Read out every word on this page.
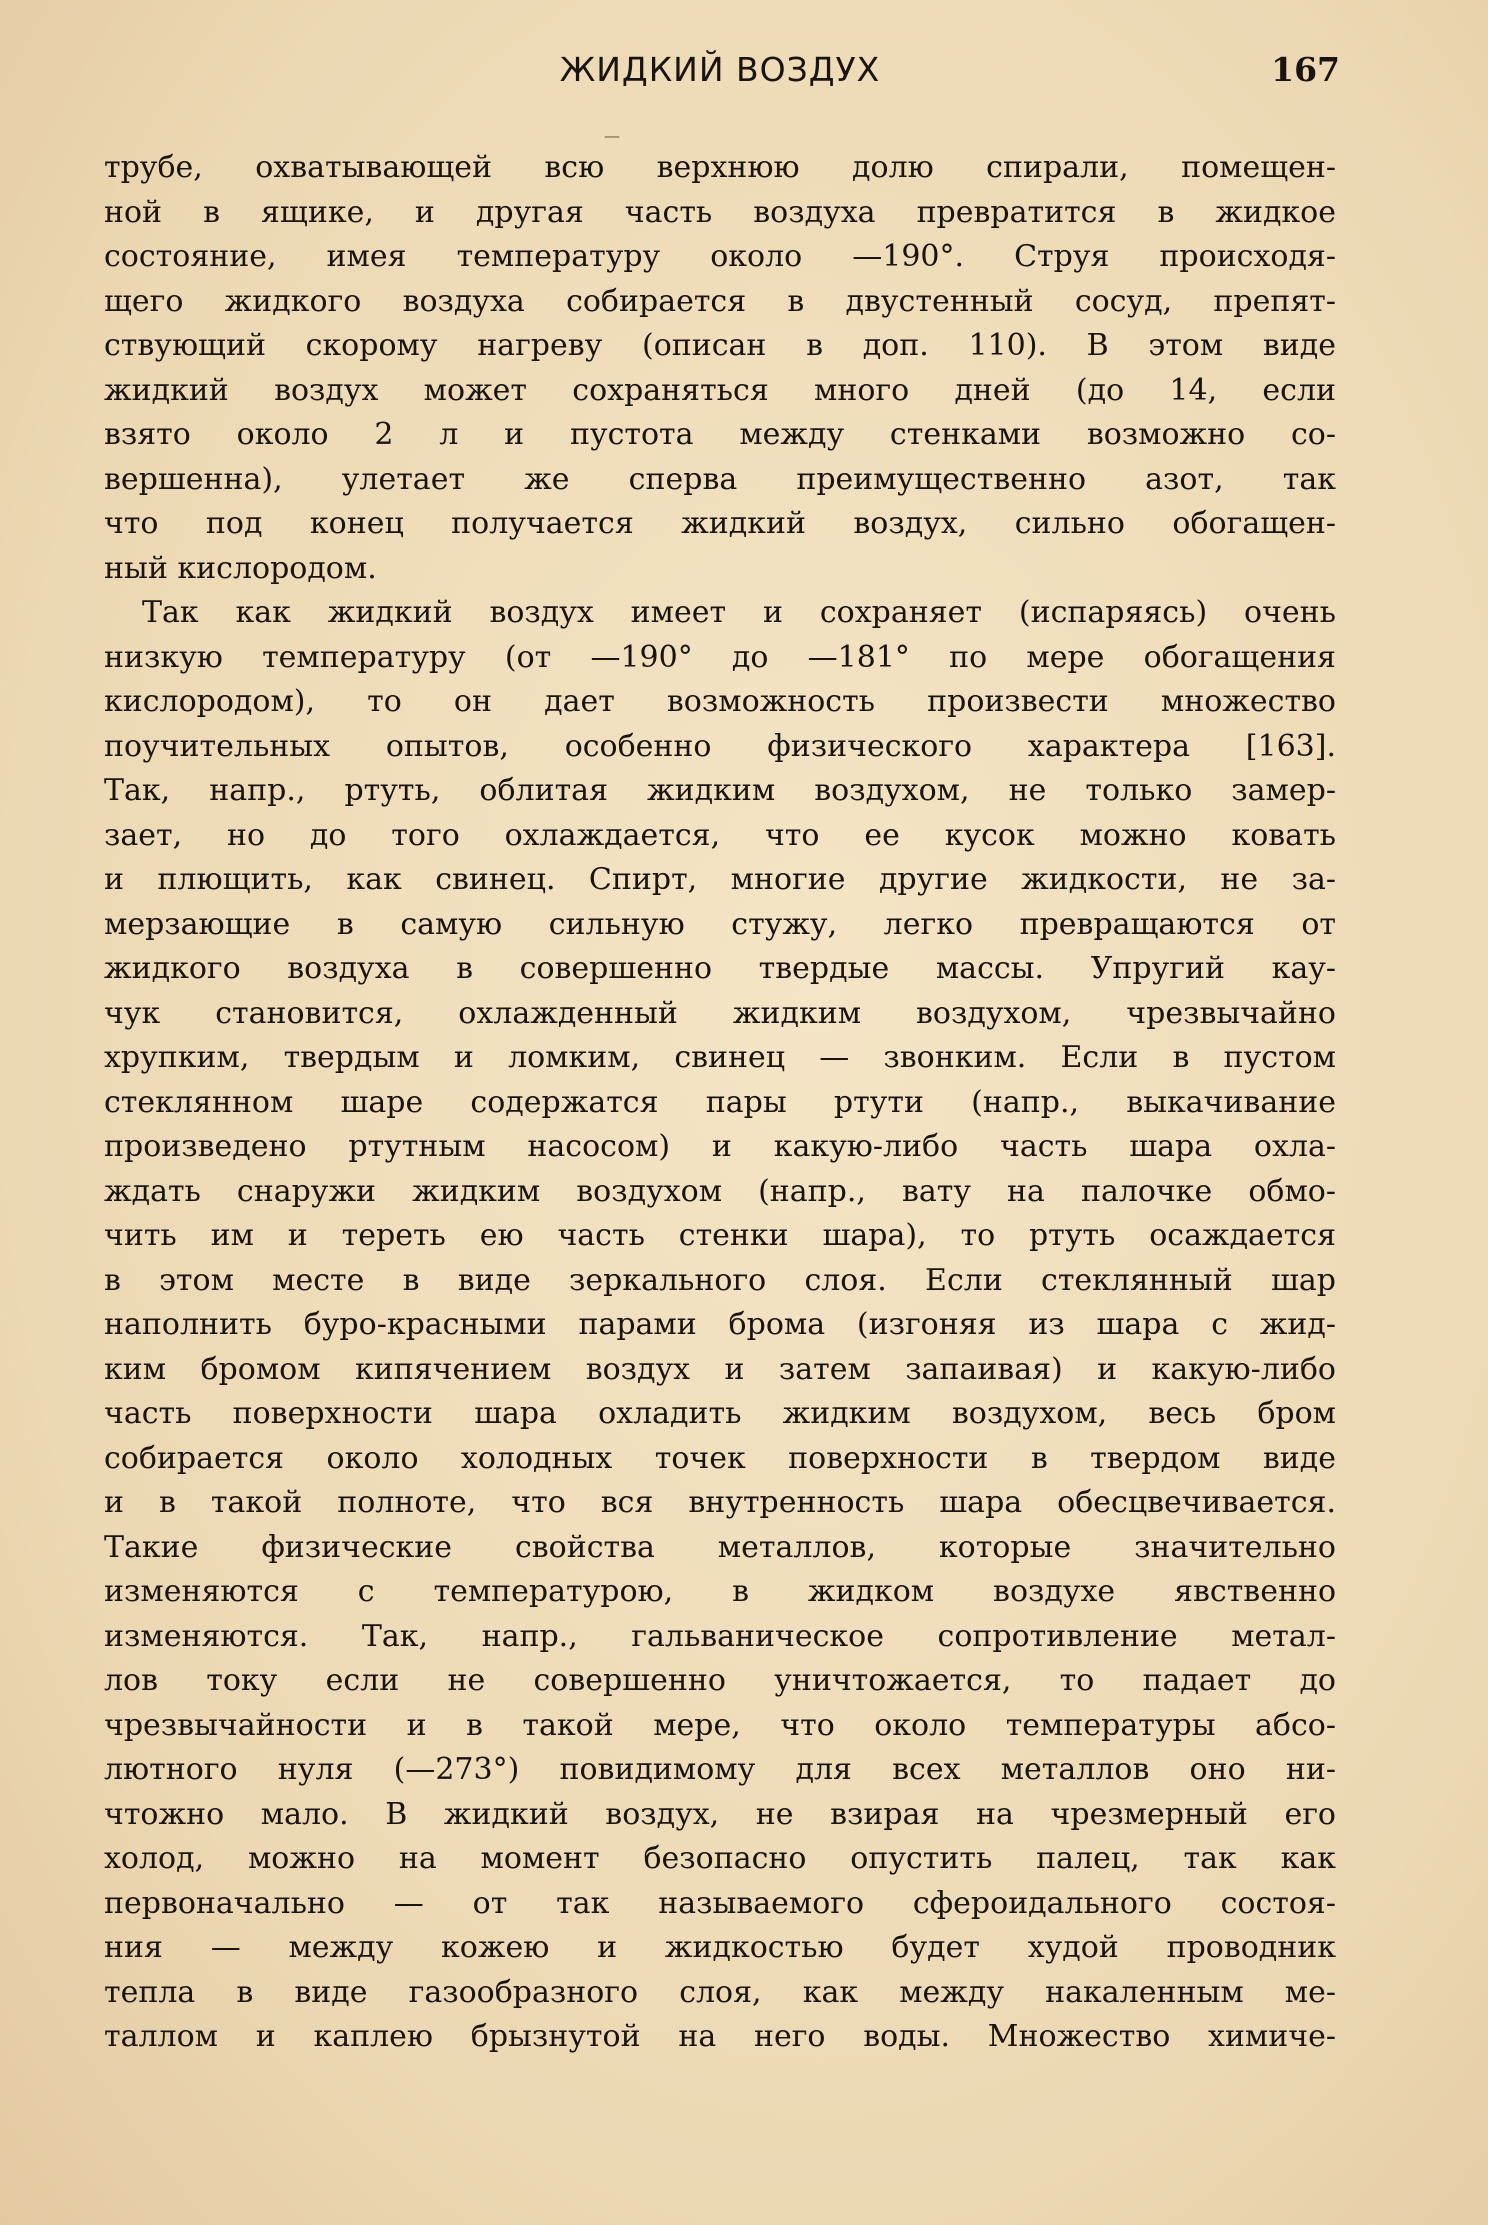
ЖИДКИЙ ВОЗДУХ	167
—
трубе, охватывающей всю верхнюю долю спирали, помещен-
ной в ящике, и другая часть воздуха превратится в жидкое
состояние, имея температуру около —190°. Струя происходя-
щего жидкого воздуха собирается в двустенный сосуд, препят-
ствующий скорому нагреву (описан в доп. 110). В этом виде
жидкий воздух может сохраняться много дней (до 14, если
взято около 2 л и пустота между стенками возможно со-
вершенна), улетает же сперва преимущественно азот, так
что под конец получается жидкий воздух, сильно обогащен-
ный кислородом.
Так как жидкий воздух имеет и сохраняет (испаряясь) очень
низкую температуру (от —190° до —181° по мере обогащения
кислородом), то он дает возможность произвести множество
поучительных опытов, особенно физического характера [163].
Так, напр., ртуть, облитая жидким воздухом, не только замер-
зает, но до того охлаждается, что ее кусок можно ковать
и плющить, как свинец. Спирт, многие другие жидкости, не за-
мерзающие в самую сильную стужу, легко превращаются от
жидкого воздуха в совершенно твердые массы. Упругий кау-
чук становится, охлажденный жидким воздухом, чрезвычайно
хрупким, твердым и ломким, свинец — звонким. Если в пустом
стеклянном шаре содержатся пары ртути (напр., выкачивание
произведено ртутным насосом) и какую-либо часть шара охла-
ждать снаружи жидким воздухом (напр., вату на палочке обмо-
чить им и тереть ею часть стенки шара), то ртуть осаждается
в этом месте в виде зеркального слоя. Если стеклянный шар
наполнить буро-красными парами брома (изгоняя из шара с жид-
ким бромом кипячением воздух и затем запаивая) и какую-либо
часть поверхности шара охладить жидким воздухом, весь бром
собирается около холодных точек поверхности в твердом виде
и в такой полноте, что вся внутренность шара обесцвечивается.
Такие физические свойства металлов, которые значительно
изменяются с температурою, в жидком воздухе явственно
изменяются. Так, напр., гальваническое сопротивление метал-
лов току если не совершенно уничтожается, то падает до
чрезвычайности и в такой мере, что около температуры абсо-
лютного нуля (—273°) повидимому для всех металлов оно ни-
чтожно мало. В жидкий воздух, не взирая на чрезмерный его
холод, можно на момент безопасно опустить палец, так как
первоначально — от так называемого сфероидального состоя-
ния — между кожею и жидкостью будет худой проводник
тепла в виде газообразного слоя, как между накаленным ме-
таллом и каплею брызнутой на него воды. Множество химиче-
